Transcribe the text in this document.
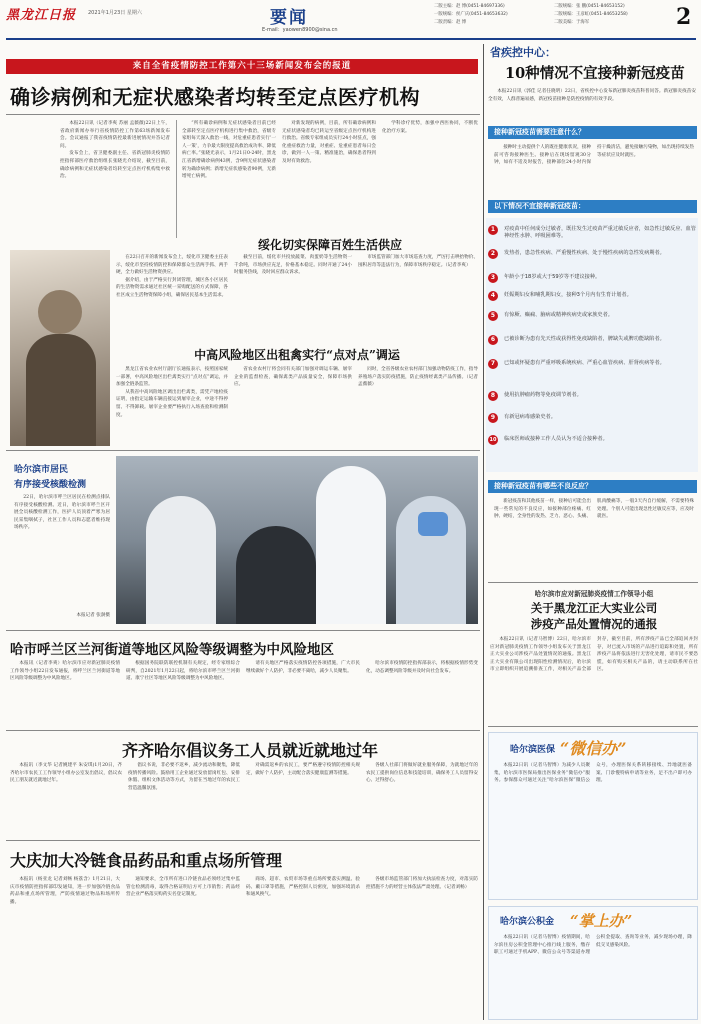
黑龙江日报 2021年1月23日 星期六	要闻
E-mail：yaowen8900@sina.cn
二版主编：赵 博(0451-84697336)	二版统编：张 鹏(0451-84653152)
一版统编：侯广庆(0451-84653632)	二版统编：王彦虹(0451-84653258)
二版责编：赵 博	二版美编：于海军	2
来自全省疫情防控工作第六十三场新闻发布会的报道
确诊病例和无症状感染者均转至定点医疗机构

本报22日讯（记者李爽 苏丽 孟薇薇)22日上午，省政府新闻办举行省疫情防控工作第63场新闻发布会。会议通报了我省疫情防控最新进展情况并答记者问。

发布会上，省卫健委副主任、省新冠肺炎疫情防控指挥部医疗救治组组长张晓光介绍说，截至目前，确诊病例和无症状感染者均转至定点医疗机构集中救治。

“所有确诊病例和无症状感染者目前已经全部转至定点医疗机构进行集中救治，省级专家组每天深入救治一线，对危重症患者实行‘一人一策’，力争最大限度提高救治成功率、降低病亡率。”张晓光表示，1月21日0-24时，黑龙江省新增确诊病例43例，含9例无症状感染者转为确诊病例；新增无症状感染者90例，无新增死亡病例。

对新发现的病例，目前，所有确诊病例和无症状感染者均已转运至省级定点医疗机构进行救治。省级专家组成员实行24小时驻点，强化重症救治力量，对重症、危重症患者每日会诊，做到一人一策、精准施治，确保患者得到及时有效救治。

学科诊疗优势，加强中西医协同，不断优化治疗方案。

绥化切实保障百姓生活供应

在22日召开的新闻发布会上，绥化市卫健委主任表示，绥化市坚持疫情防控和保障群众生活两手抓、两手硬，全力做好生活物资供应。

据介绍，由于严格实行封闭管理，城区各小区居民的生活物资需求通过社区统一采购配送的方式保障，各社区成立生活物资保障小组，确保居民基本生活需求。

截至目前，绥化市共投放蔬菜、肉蛋奶等生活物资一千余吨，市场供应充足，价格基本稳定。同时开通了24小时服务热线，及时回应群众诉求。

市场监管部门加大市场巡查力度，严厉打击哄抬物价、囤积居奇等违法行为，保障市场秩序稳定。（记者李爽）

中高风险地区出租禽实行“点对点”调运

黑龙江省农业农村厅副厅长通报表示，按照国家统一部署，中高风险地区出栏禽类实行“点对点”调运，并加强全链条监管。

从我省中高风险地区调出出栏禽类，需凭产地检疫证明，由指定运输车辆直接运到屠宰企业，中途不得停留、不得卸载。屠宰企业要严格执行入场查验和检测制度。

省农业农村厅将会同有关部门加强对调运车辆、屠宰企业的监督检查，确保禽类产品质量安全，保障市场供应。

同时，全省各级农业农村部门加强动物防疫工作，指导养殖场户落实防疫措施，防止疫情经禽类产品传播。（记者孟薇薇）

哈尔滨市居民
有序接受核酸检测

22日，哈尔滨市呼兰区居民在检测点排队有序接受核酸检测。近日，哈尔滨市呼兰区开展全员核酸检测工作，医护人员顶着严寒为居民采集咽拭子，社区工作人员和志愿者维持现场秩序。

本报记者 张澍摄
哈市呼兰区兰河街道等地区风险等级调整为中风险地区

本报讯（记者李爽）哈尔滨市应对新冠肺炎疫情工作领导小组22日发布通报，将呼兰区兰河街道等地区风险等级调整为中风险地区。

根据国务院联防联控机制有关规定，经专家组综合研判，自2021年1月22日起，将哈尔滨市呼兰区兰河街道、康宁社区等地区风险等级调整为中风险地区。

请有关地区严格落实疫情防控各项措施，广大市民继续做好个人防护，非必要不离哈，减少人员聚集。

哈尔滨市疫情防控指挥部表示，将根据疫情形势变化，动态调整风险等级并及时向社会发布。

齐齐哈尔倡议务工人员就近就地过年

本报讯（李文华 记者姚建平 朱安琪)1月20日，齐齐哈尔市农民工工作领导小组办公室发出倡议，倡议农民工朋友就近就地过年。

倡议书说，非必要不返乡，减少流动和聚集，降低疫情传播风险。鼓励用工企业通过发放留岗红包、安排休假、组织文体活动等方式，为留在当地过年的农民工营造温馨氛围。

对确需返乡的农民工，要严格遵守疫情防控相关规定，做好个人防护，主动配合落实健康监测等措施。

各级人社部门将做好就业服务保障，为就地过年的农民工提供岗位信息和技能培训，确保务工人员留得安心、过得舒心。

大庆加大冷链食品药品和重点场所管理

本报讯（杨亚龙 记者刘畅 杨荔含）1月21日，大庆市疫情防控指挥部印发通知，进一步加强冷链食品药品和重点场所管理，严防疫情通过物品和场所传播。

通知要求，全市所有进口冷链食品必须经过集中监管仓检测消毒，取得合格证明后方可上市销售；药品经营企业严格落实购药实名登记制度。

商场、超市、农贸市场等重点场所要落实测温、验码、戴口罩等措施，严格控制人员密度，加强环境消杀和通风换气。

各级市场监管部门将加大执法检查力度，对落实防控措施不力的经营主体依法严肃处理。（记者刘畅）

省疾控中心：
10种情况不宜接种新冠疫苗

本报22日讯（郭佳 记者任晓明）22日，省疾控中心发布新冠肺炎疫苗科普问答。新冠肺炎疫苗安全有效，人群普遍易感，新冠疫苗接种是防控疫情的有效手段。

接种新冠疫苗需要注意什么？

接种时主动提供个人的既往健康状况，接种前可咨询接种医生。接种后在现场留观30分钟，如有不适及时报告，接种部位24小时内保持干燥清洁，避免接触污染物，如出现持续发热等症状应及时就医。

以下情况不宜接种新冠疫苗：
1	对疫苗中任何成分过敏者，既往发生过疫苗严重过敏反应者，如急性过敏反应、血管神经性水肿、呼吸困难等。
2	发热者，患急性疾病、严重慢性疾病、处于慢性疾病的急性发病期者。
3	年龄小于18岁或大于59岁等不建议接种。
4	妊娠期妇女和哺乳期妇女，接种3个月内有生育计划者。
5	有惊厥、癫痫、脑病或精神疾病史或家族史者。
6	已被诊断为患有先天性或获得性免疫缺陷者，脾缺失或脾功能缺陷者。
7	已知或怀疑患有严重呼吸系统疾病、严重心血管疾病、肝肾疾病等者。
8	使用抗肿瘤药物等免疫调节剂者。
9	有新冠病毒感染史者。
10 临床医师或接种工作人员认为不适合接种者。
接种新冠疫苗有哪些不良反应？

新冠疫苗和其他疫苗一样，接种后可能会出现一些常见的不良反应，如接种部位疼痛、红肿、硬结，全身性的发热、乏力、恶心、头痛、肌肉酸痛等，一般3天内自行缓解，不需要特殊处理。个别人可能出现急性过敏反应等，应及时就医。

哈尔滨市应对新冠肺炎疫情工作领导小组
关于黑龙江正大实业公司
涉疫产品处置情况的通报

本报22日讯（记者马智博）22日，哈尔滨市应对新冠肺炎疫情工作领导小组发布关于黑龙江正大实业公司涉疫产品处置情况的通报。黑龙江正大实业有限公司出现阳性检测情况后，哈尔滨市立即组织开展追溯排查工作，对相关产品全部封存，截至目前，所有涉疫产品已全部追回并封存，对已流入市场的产品进行追踪和处置，所有涉疫产品将依法进行无害化处理，请市民不要恐慌，如有购买相关产品的，请主动联系所在社区。

哈尔滨医保 “微信办”

本报22日讯（记者马智博）为减少人员聚集，哈尔滨市医保局推出医保业务“微信办”服务。参保群众可通过关注“哈尔滨医保”微信公众号，办理医保关系转移接续、异地就医备案、门诊慢特病申请等业务，足不出户即可办理。

哈尔滨公积金 “掌上办”

本报22日讯（记者马智博）疫情期间，哈尔滨住房公积金管理中心推行线上服务，缴存职工可通过手机APP、微信公众号等渠道办理公积金提取、查询等业务，减少现场办理，降低交叉感染风险。
